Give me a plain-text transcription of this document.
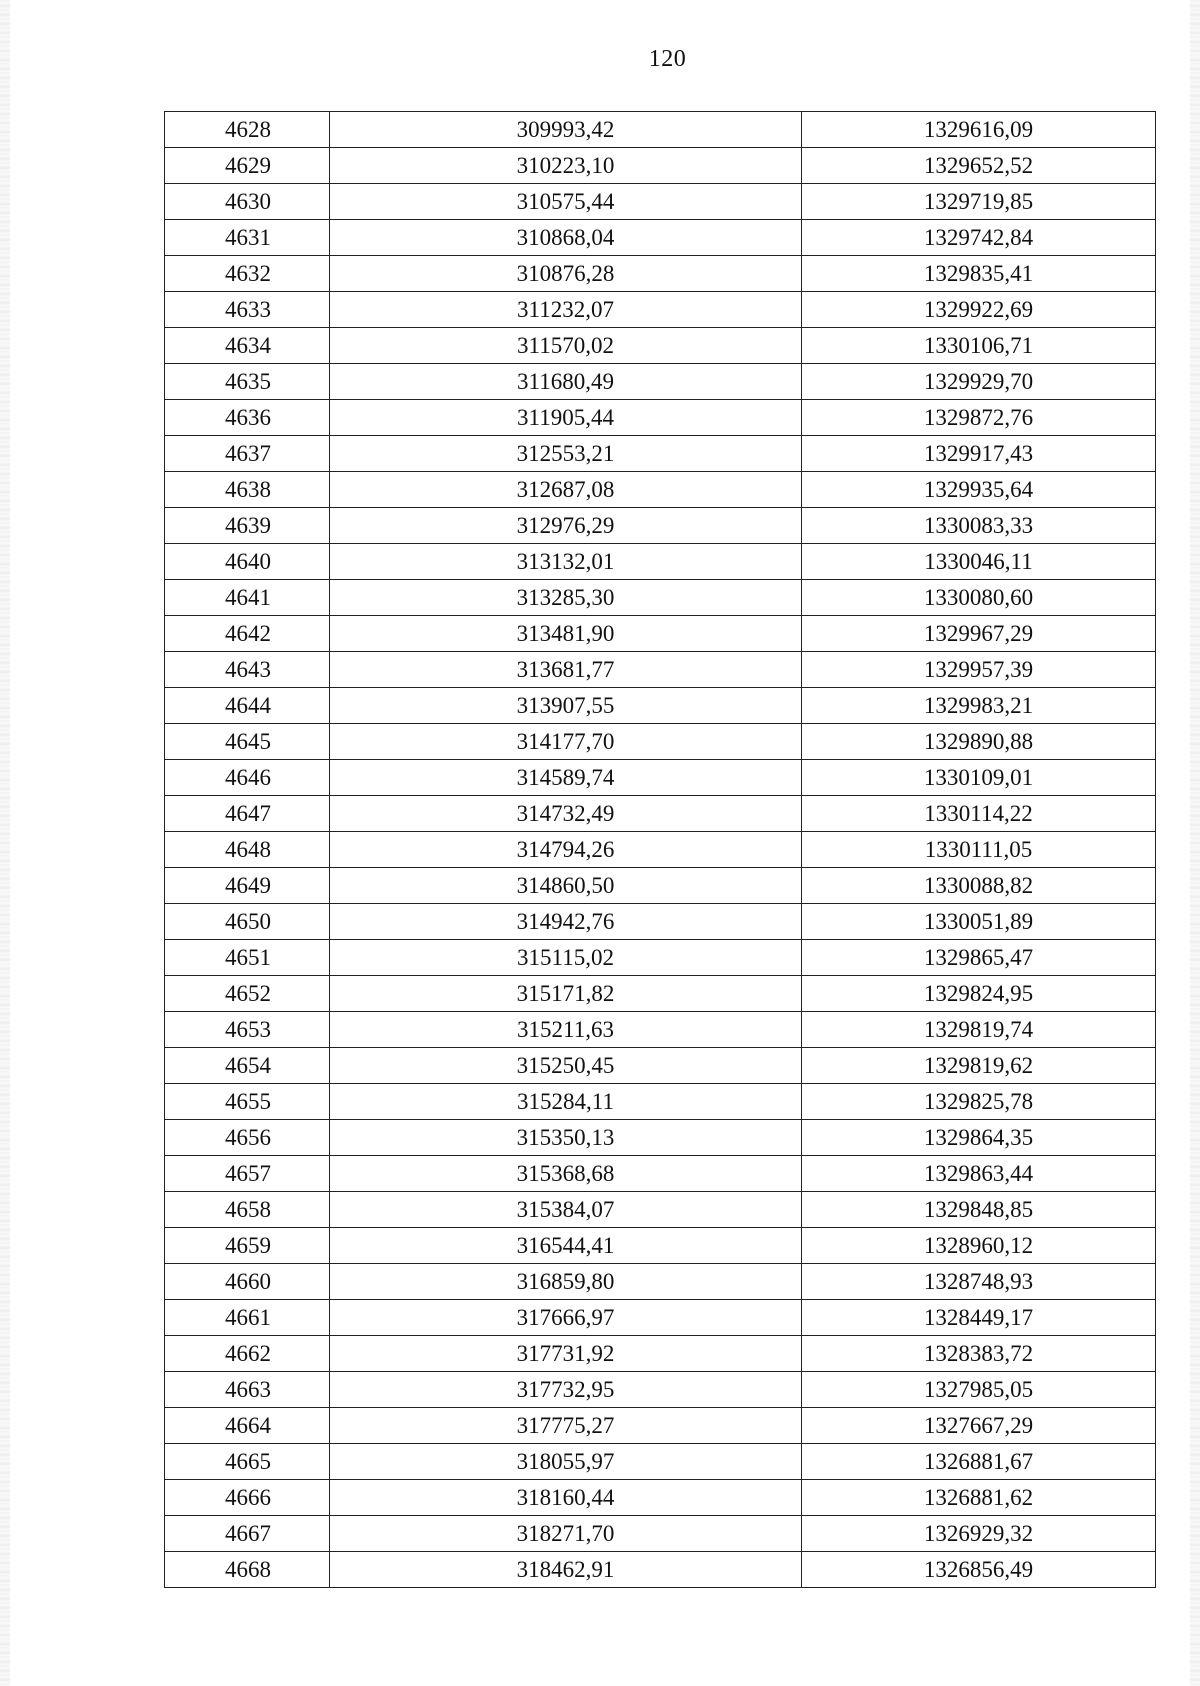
120
4628	309993,42	1329616,09
4629	310223,10	1329652,52
4630	310575,44	1329719,85
4631	310868,04	1329742,84
4632	310876,28	1329835,41
4633	311232,07	1329922,69
4634	311570,02	1330106,71
4635	311680,49	1329929,70
4636	311905,44	1329872,76
4637	312553,21	1329917,43
4638	312687,08	1329935,64
4639	312976,29	1330083,33
4640	313132,01	1330046,11
4641	313285,30	1330080,60
4642	313481,90	1329967,29
4643	313681,77	1329957,39
4644	313907,55	1329983,21
4645	314177,70	1329890,88
4646	314589,74	1330109,01
4647	314732,49	1330114,22
4648	314794,26	1330111,05
4649	314860,50	1330088,82
4650	314942,76	1330051,89
4651	315115,02	1329865,47
4652	315171,82	1329824,95
4653	315211,63	1329819,74
4654	315250,45	1329819,62
4655	315284,11	1329825,78
4656	315350,13	1329864,35
4657	315368,68	1329863,44
4658	315384,07	1329848,85
4659	316544,41	1328960,12
4660	316859,80	1328748,93
4661	317666,97	1328449,17
4662	317731,92	1328383,72
4663	317732,95	1327985,05
4664	317775,27	1327667,29
4665	318055,97	1326881,67
4666	318160,44	1326881,62
4667	318271,70	1326929,32
4668	318462,91	1326856,49
